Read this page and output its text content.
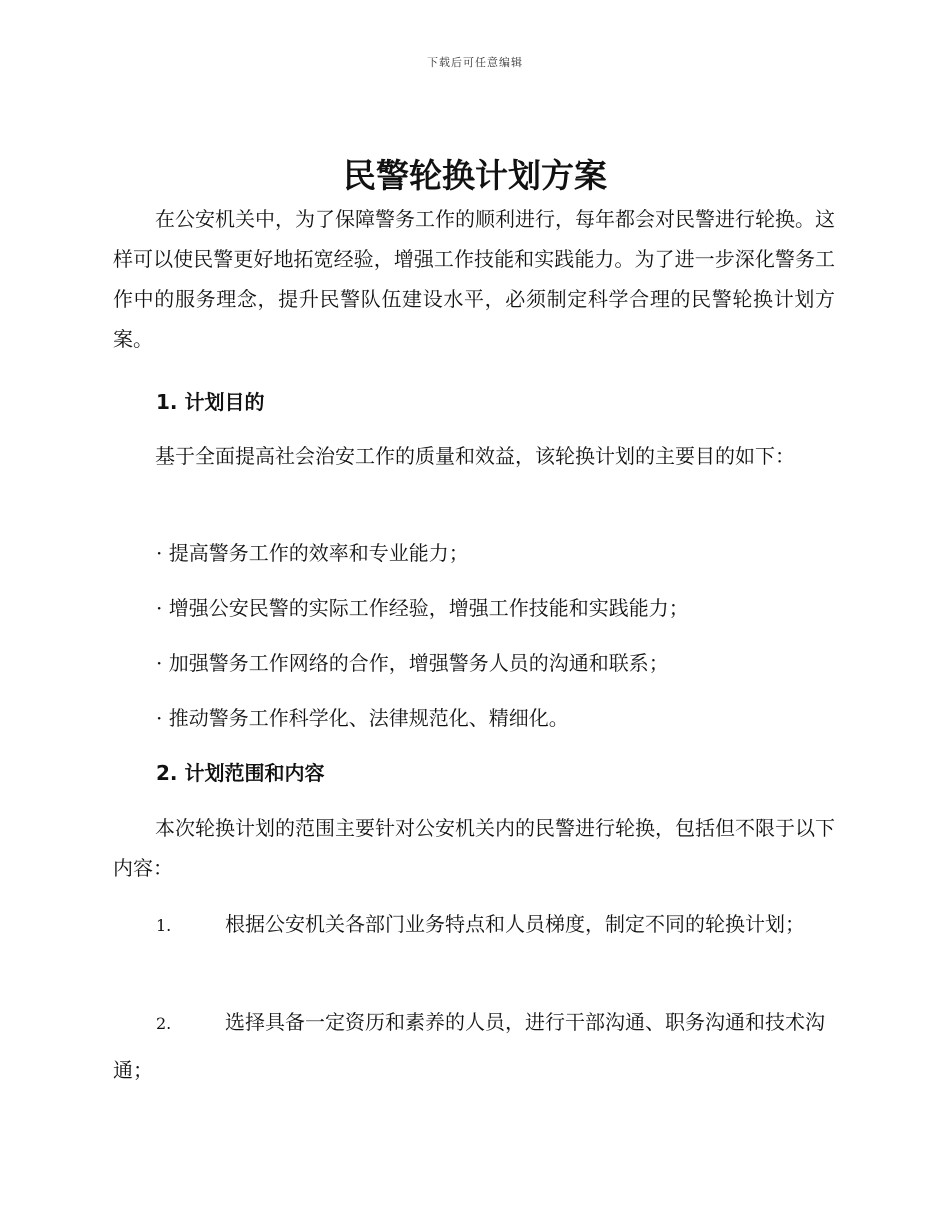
下载后可任意编辑
民警轮换计划方案

在公安机关中，为了保障警务工作的顺利进行，每年都会对民警进行轮换。这样可以使民警更好地拓宽经验，增强工作技能和实践能力。为了进一步深化警务工作中的服务理念，提升民警队伍建设水平，必须制定科学合理的民警轮换计划方案。

1. 计划目的

基于全面提高社会治安工作的质量和效益，该轮换计划的主要目的如下：

· 提高警务工作的效率和专业能力；

· 增强公安民警的实际工作经验，增强工作技能和实践能力；

· 加强警务工作网络的合作，增强警务人员的沟通和联系；

· 推动警务工作科学化、法律规范化、精细化。

2. 计划范围和内容

本次轮换计划的范围主要针对公安机关内的民警进行轮换，包括但不限于以下内容：

1.	根据公安机关各部门业务特点和人员梯度，制定不同的轮换计划；

2.	选择具备一定资历和素养的人员，进行干部沟通、职务沟通和技术沟通；
